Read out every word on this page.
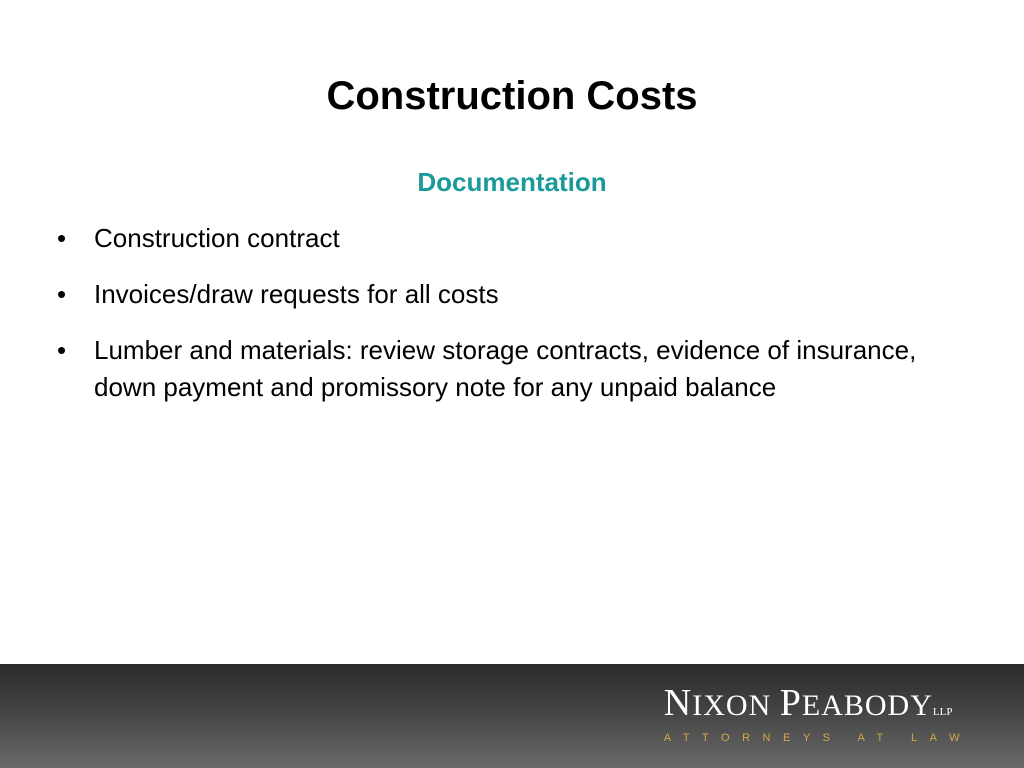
Construction Costs
Documentation
• Construction contract
• Invoices/draw requests for all costs
• Lumber and materials: review storage contracts, evidence of insurance, down payment and promissory note for any unpaid balance
NIXON PEABODYLLP
ATTORNEYS AT LAW
